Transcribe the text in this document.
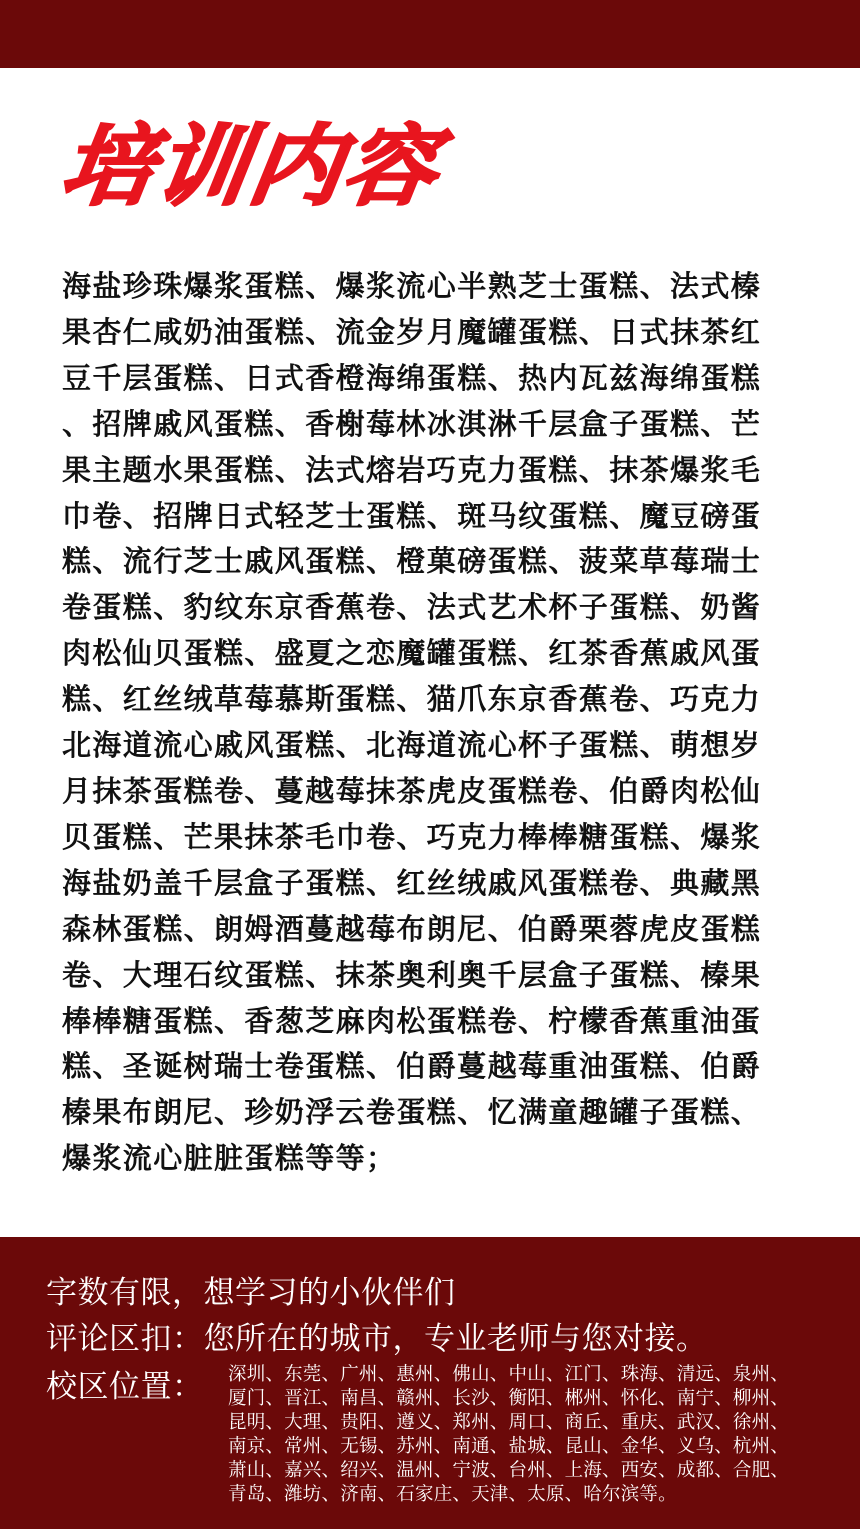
培训内容
海盐珍珠爆浆蛋糕、爆浆流心半熟芝士蛋糕、法式榛
果杏仁咸奶油蛋糕、流金岁月魔罐蛋糕、日式抹茶红
豆千层蛋糕、日式香橙海绵蛋糕、热内瓦兹海绵蛋糕
、招牌戚风蛋糕、香榭莓林冰淇淋千层盒子蛋糕、芒
果主题水果蛋糕、法式熔岩巧克力蛋糕、抹茶爆浆毛
巾卷、招牌日式轻芝士蛋糕、斑马纹蛋糕、魔豆磅蛋
糕、流行芝士戚风蛋糕、橙菓磅蛋糕、菠菜草莓瑞士
卷蛋糕、豹纹东京香蕉卷、法式艺术杯子蛋糕、奶酱
肉松仙贝蛋糕、盛夏之恋魔罐蛋糕、红茶香蕉戚风蛋
糕、红丝绒草莓慕斯蛋糕、猫爪东京香蕉卷、巧克力
北海道流心戚风蛋糕、北海道流心杯子蛋糕、萌想岁
月抹茶蛋糕卷、蔓越莓抹茶虎皮蛋糕卷、伯爵肉松仙
贝蛋糕、芒果抹茶毛巾卷、巧克力棒棒糖蛋糕、爆浆
海盐奶盖千层盒子蛋糕、红丝绒戚风蛋糕卷、典藏黑
森林蛋糕、朗姆酒蔓越莓布朗尼、伯爵栗蓉虎皮蛋糕
卷、大理石纹蛋糕、抹茶奥利奥千层盒子蛋糕、榛果
棒棒糖蛋糕、香葱芝麻肉松蛋糕卷、柠檬香蕉重油蛋
糕、圣诞树瑞士卷蛋糕、伯爵蔓越莓重油蛋糕、伯爵
榛果布朗尼、珍奶浮云卷蛋糕、忆满童趣罐子蛋糕、
爆浆流心脏脏蛋糕等等；
字数有限，想学习的小伙伴们
评论区扣：您所在的城市，专业老师与您对接。
校区位置： 深圳、东莞、广州、惠州、佛山、中山、江门、珠海、清远、泉州、
厦门、晋江、南昌、赣州、长沙、衡阳、郴州、怀化、南宁、柳州、
昆明、大理、贵阳、遵义、郑州、周口、商丘、重庆、武汉、徐州、
南京、常州、无锡、苏州、南通、盐城、昆山、金华、义乌、杭州、
萧山、嘉兴、绍兴、温州、宁波、台州、上海、西安、成都、合肥、
青岛、潍坊、济南、石家庄、天津、太原、哈尔滨等。
